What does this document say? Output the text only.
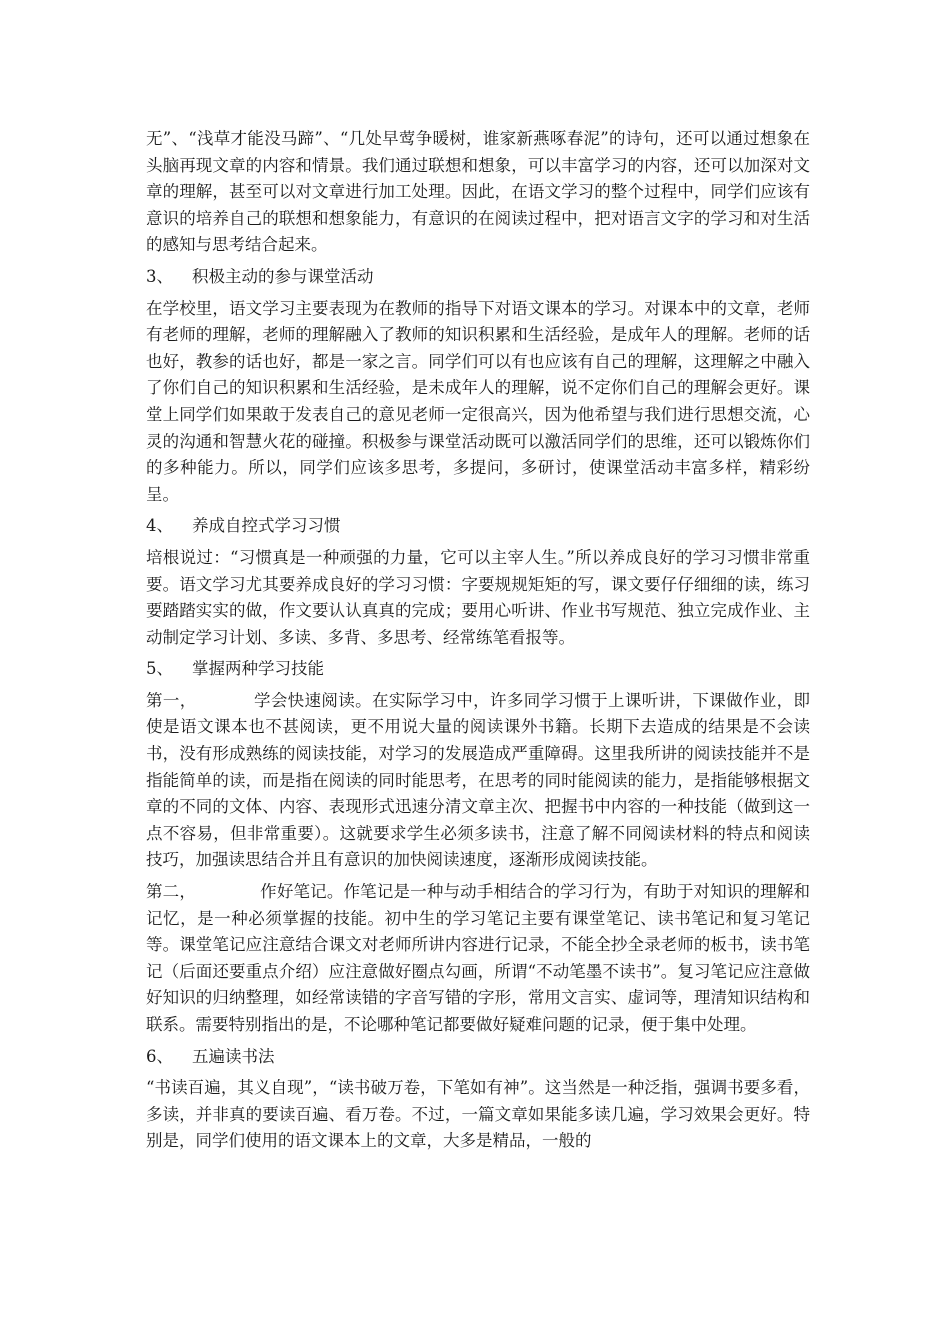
无”、“浅草才能没马蹄”、“几处早莺争暖树，谁家新燕啄春泥”的诗句，还可以通过想象在头脑再现文章的内容和情景。我们通过联想和想象，可以丰富学习的内容，还可以加深对文章的理解，甚至可以对文章进行加工处理。因此，在语文学习的整个过程中，同学们应该有意识的培养自己的联想和想象能力，有意识的在阅读过程中，把对语言文字的学习和对生活的感知与思考结合起来。

3、 积极主动的参与课堂活动

在学校里，语文学习主要表现为在教师的指导下对语文课本的学习。对课本中的文章，老师有老师的理解，老师的理解融入了教师的知识积累和生活经验，是成年人的理解。老师的话也好，教参的话也好，都是一家之言。同学们可以有也应该有自己的理解，这理解之中融入了你们自己的知识积累和生活经验，是未成年人的理解，说不定你们自己的理解会更好。课堂上同学们如果敢于发表自己的意见老师一定很高兴，因为他希望与我们进行思想交流，心灵的沟通和智慧火花的碰撞。积极参与课堂活动既可以激活同学们的思维，还可以锻炼你们的多种能力。所以，同学们应该多思考，多提问，多研讨，使课堂活动丰富多样，精彩纷呈。

4、 养成自控式学习习惯

培根说过：“习惯真是一种顽强的力量，它可以主宰人生。”所以养成良好的学习习惯非常重要。语文学习尤其要养成良好的学习习惯：字要规规矩矩的写，课文要仔仔细细的读，练习要踏踏实实的做，作文要认认真真的完成；要用心听讲、作业书写规范、独立完成作业、主动制定学习计划、多读、多背、多思考、经常练笔看报等。

5、 掌握两种学习技能

第一，	学会快速阅读。在实际学习中，许多同学习惯于上课听讲，下课做作业，即使是语文课本也不甚阅读，更不用说大量的阅读课外书籍。长期下去造成的结果是不会读书，没有形成熟练的阅读技能，对学习的发展造成严重障碍。这里我所讲的阅读技能并不是指能简单的读，而是指在阅读的同时能思考，在思考的同时能阅读的能力，是指能够根据文章的不同的文体、内容、表现形式迅速分清文章主次、把握书中内容的一种技能（做到这一点不容易，但非常重要）。这就要求学生必须多读书，注意了解不同阅读材料的特点和阅读技巧，加强读思结合并且有意识的加快阅读速度，逐渐形成阅读技能。

第二，	作好笔记。作笔记是一种与动手相结合的学习行为，有助于对知识的理解和记忆，是一种必须掌握的技能。初中生的学习笔记主要有课堂笔记、读书笔记和复习笔记等。课堂笔记应注意结合课文对老师所讲内容进行记录，不能全抄全录老师的板书，读书笔记（后面还要重点介绍）应注意做好圈点勾画，所谓“不动笔墨不读书”。复习笔记应注意做好知识的归纳整理，如经常读错的字音写错的字形，常用文言实、虚词等，理清知识结构和联系。需要特别指出的是，不论哪种笔记都要做好疑难问题的记录，便于集中处理。

6、 五遍读书法

“书读百遍，其义自现”，“读书破万卷，下笔如有神”。这当然是一种泛指，强调书要多看，多读，并非真的要读百遍、看万卷。不过，一篇文章如果能多读几遍，学习效果会更好。特别是，同学们使用的语文课本上的文章，大多是精品，一般的
